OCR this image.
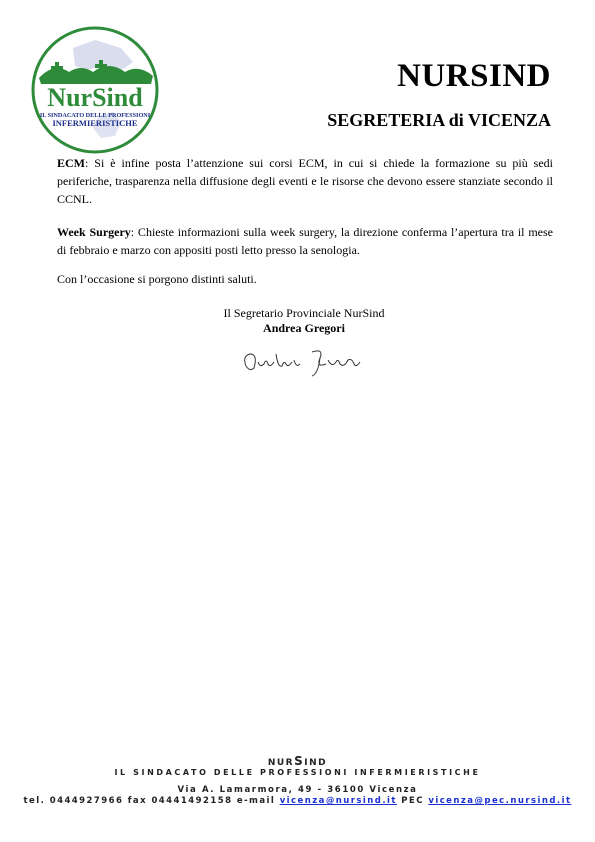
NurSind
IL SINDACATO DELLE PROFESSIONI
INFERMIERISTICHE
NURSIND
SEGRETERIA di VICENZA
ECM: Si è infine posta l’attenzione sui corsi ECM, in cui si chiede la formazione su più sedi periferiche, trasparenza nella diffusione degli eventi e le risorse che devono essere stanziate secondo il CCNL.
Week Surgery: Chieste informazioni sulla week surgery, la direzione conferma l’apertura tra il mese di febbraio e marzo con appositi posti letto presso la senologia.
Con l’occasione si porgono distinti saluti.
Il Segretario Provinciale NurSind
Andrea Gregori
NURSIND
IL SINDACATO DELLE PROFESSIONI INFERMIERISTICHE
Via A. Lamarmora, 49 - 36100 Vicenza
tel. 0444927966 fax 04441492158 e-mail vicenza@nursind.it PEC vicenza@pec.nursind.it
